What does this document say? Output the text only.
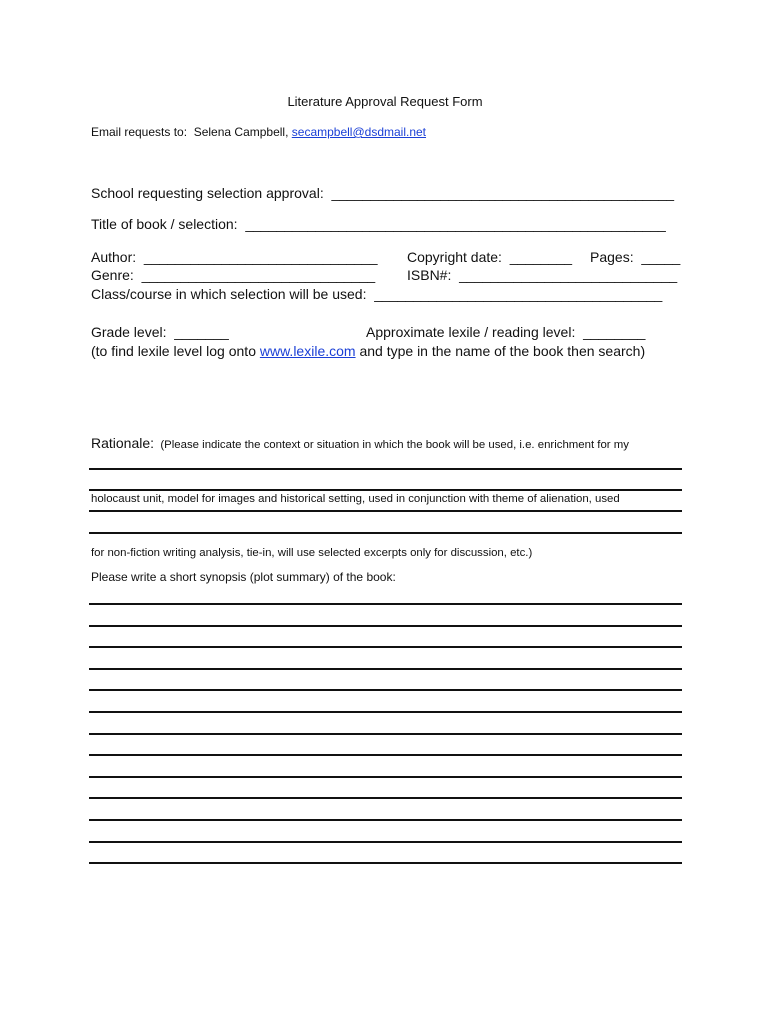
Literature Approval Request Form
Email requests to:  Selena Campbell, secampbell@dsdmail.net
School requesting selection approval:  ____________________________________________
Title of book / selection:  ______________________________________________________
Author:  ______________________________ Copyright date:  ________ Pages:  _____
Genre:  ______________________________ ISBN#:  ____________________________
Class/course in which selection will be used:  _____________________________________
Grade level:  _______	Approximate lexile / reading level:  ________
(to find lexile level log onto www.lexile.com and type in the name of the book then search)

Rationale: (Please indicate the context or situation in which the book will be used, i.e. enrichment for my

holocaust unit, model for images and historical setting, used in conjunction with theme of alienation, used

for non-fiction writing analysis, tie-in, will use selected excerpts only for discussion, etc.)

Please write a short synopsis (plot summary) of the book:
